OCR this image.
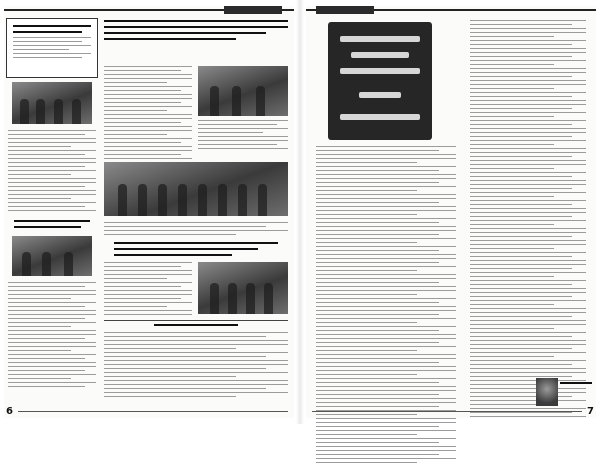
6	7
